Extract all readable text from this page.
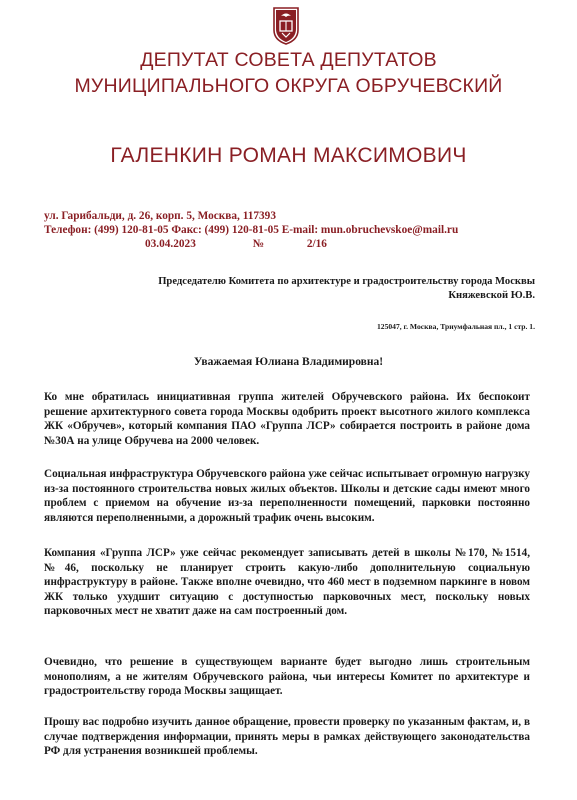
ДЕПУТАТ СОВЕТА ДЕПУТАТОВ
МУНИЦИПАЛЬНОГО ОКРУГА ОБРУЧЕВСКИЙ
ГАЛЕНКИН РОМАН МАКСИМОВИЧ
ул. Гарибальди, д. 26, корп. 5, Москва, 117393
Телефон: (499) 120-81-05 Факс: (499) 120-81-05 E-mail: mun.obruchevskoe@mail.ru
03.04.2023	№	2/16
Председателю Комитета по архитектуре и градостроительству города Москвы
Княжевской Ю.В.
125047, г. Москва, Триумфальная пл., 1 стр. 1.
Уважаемая Юлиана Владимировна!

Ко мне обратилась инициативная группа жителей Обручевского района. Их беспокоит решение архитектурного совета города Москвы одобрить проект высотного жилого комплекса ЖК «Обручев», который компания ПАО «Группа ЛСР» собирается построить в районе дома №30А на улице Обручева на 2000 человек.

Социальная инфраструктура Обручевского района уже сейчас испытывает огромную нагрузку из-за постоянного строительства новых жилых объектов. Школы и детские сады имеют много проблем с приемом на обучение из-за переполненности помещений, парковки постоянно являются переполненными, а дорожный трафик очень высоким.

Компания «Группа ЛСР» уже сейчас рекомендует записывать детей в школы №170, №1514, №46, поскольку не планирует строить какую-либо дополнительную социальную инфраструктуру в районе. Также вполне очевидно, что 460 мест в подземном паркинге в новом ЖК только ухудшит ситуацию с доступностью парковочных мест, поскольку новых парковочных мест не хватит даже на сам построенный дом.

Очевидно, что решение в существующем варианте будет выгодно лишь строительным монополиям, а не жителям Обручевского района, чьи интересы Комитет по архитектуре и градостроительству города Москвы защищает.

Прошу вас подробно изучить данное обращение, провести проверку по указанным фактам, и, в случае подтверждения информации, принять меры в рамках действующего законодательства РФ для устранения возникшей проблемы.
